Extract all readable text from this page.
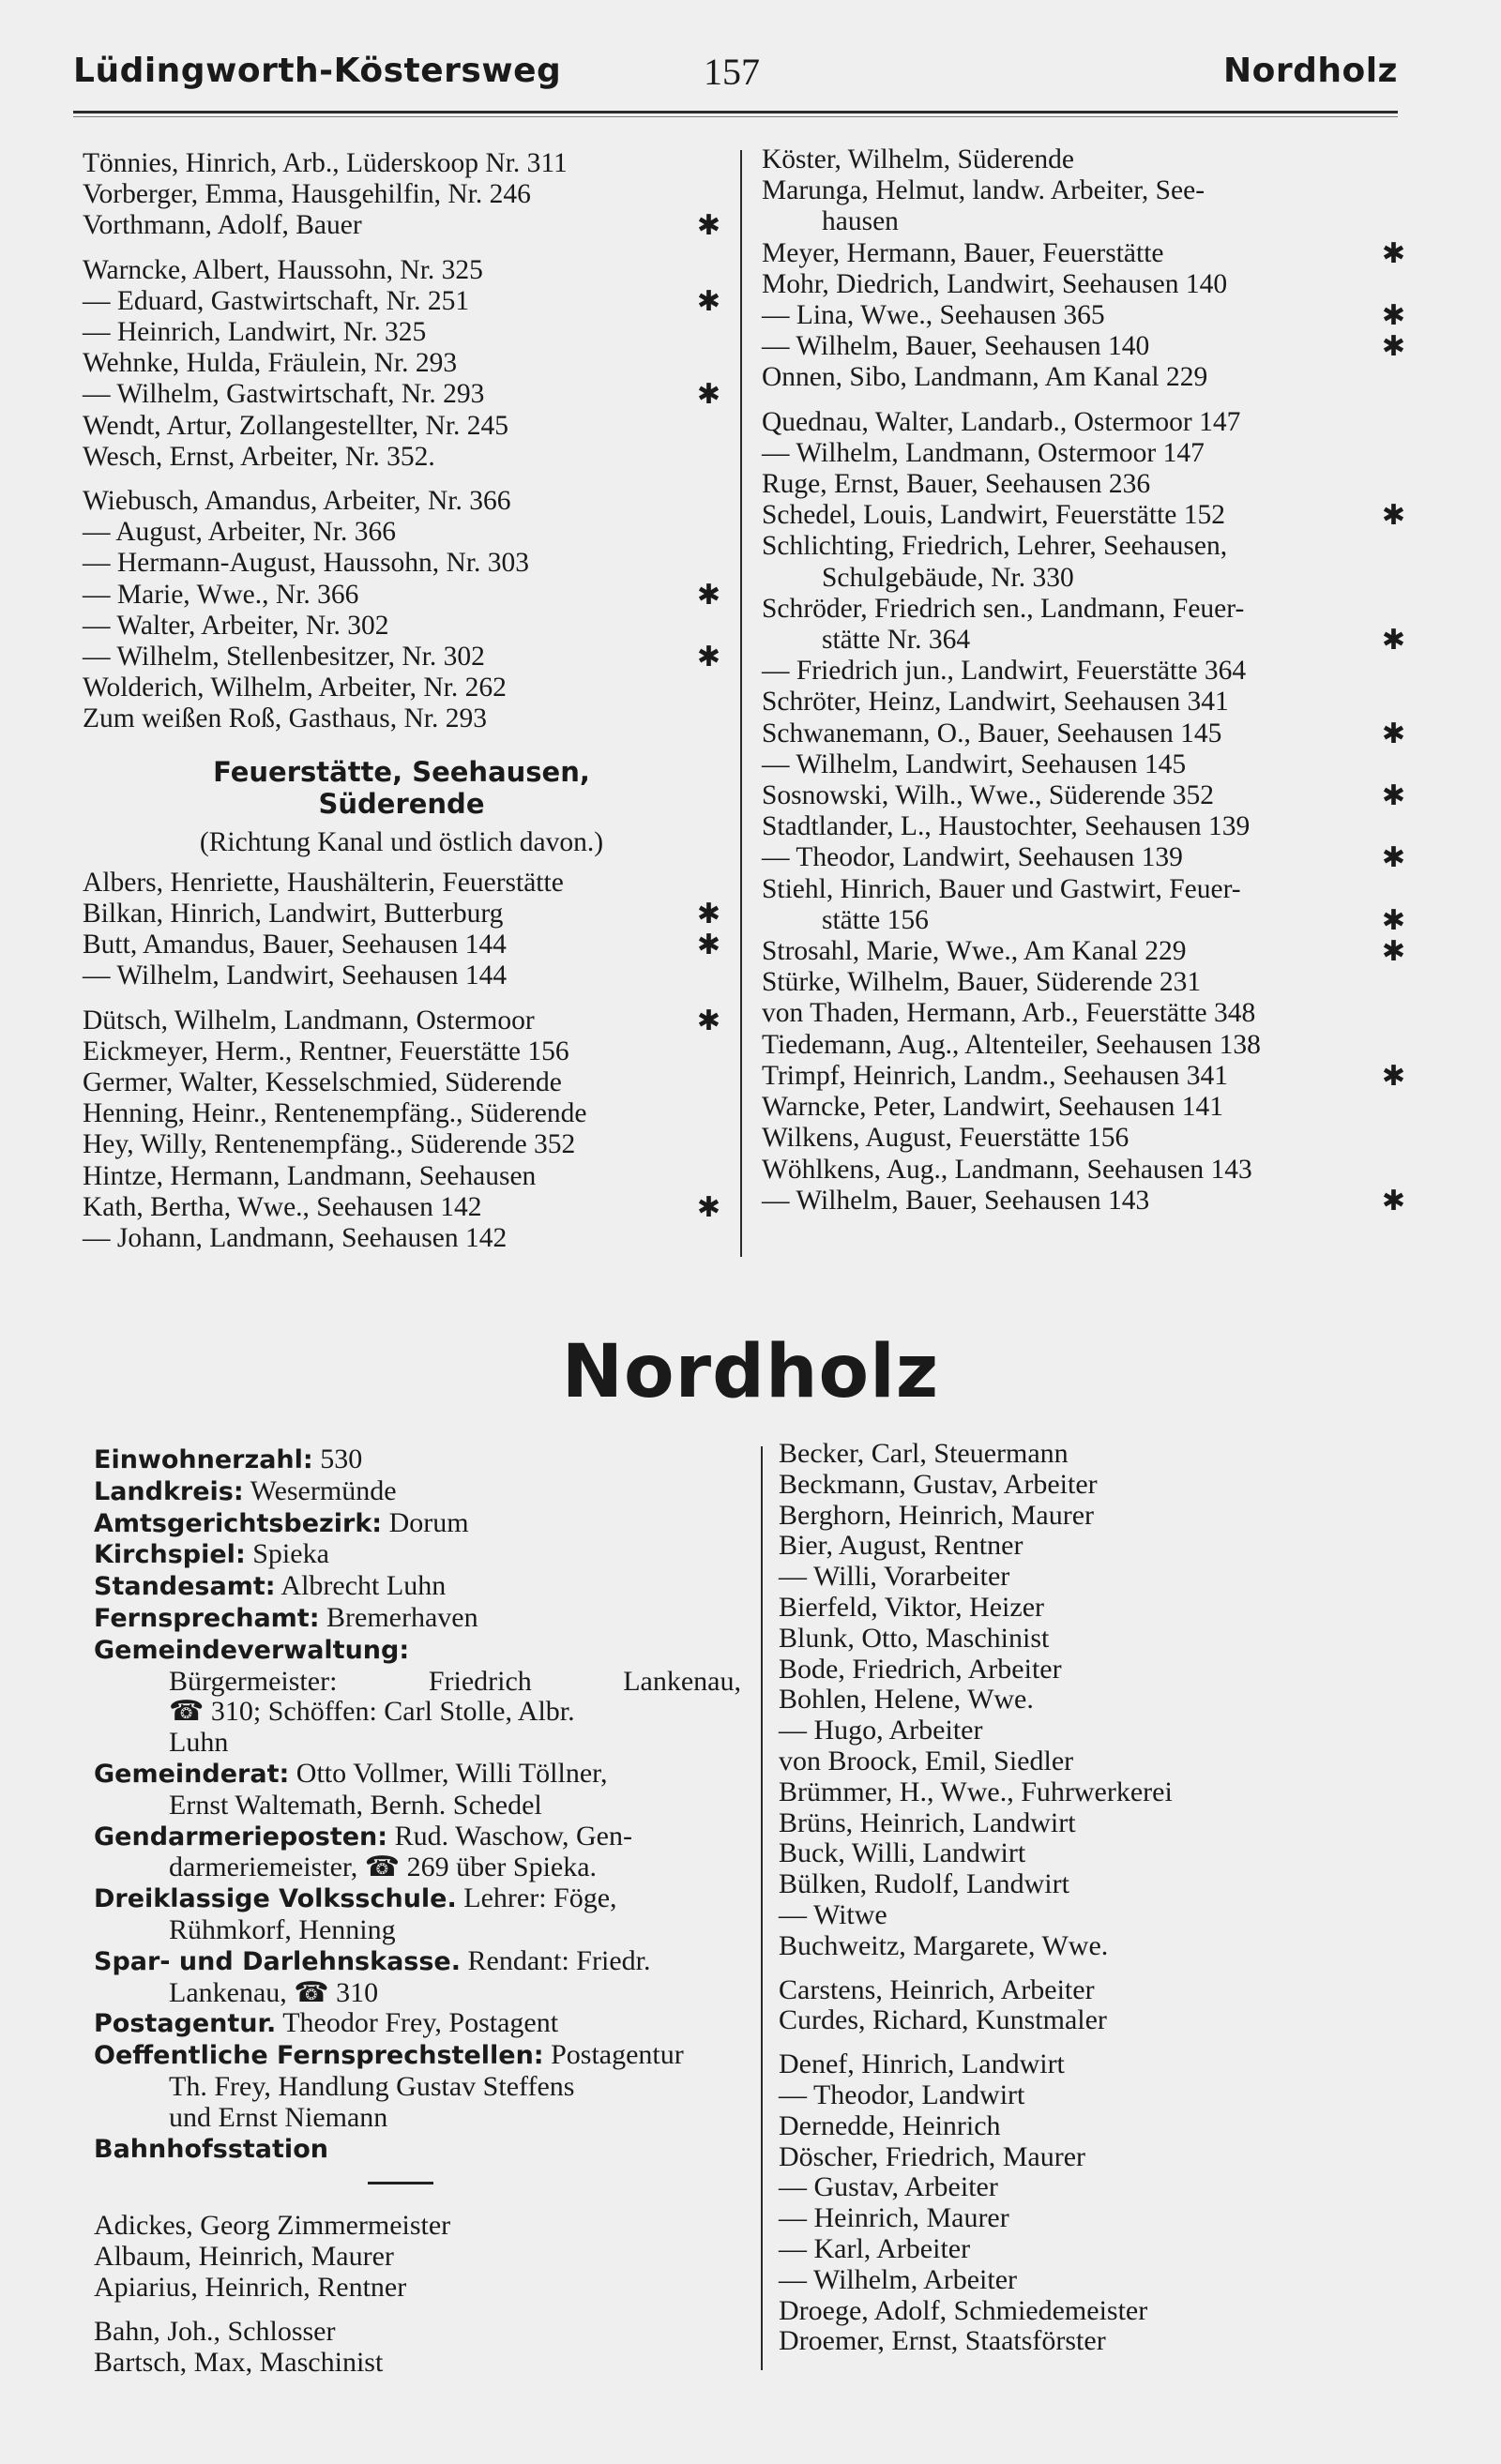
Lüdingworth-Köstersweg	157	Nordholz
Tönnies, Hinrich, Arb., Lüderskoop Nr. 311
Vorberger, Emma, Hausgehilfin, Nr. 246
Vorthmann, Adolf, Bauer	✱
Warncke, Albert, Haussohn, Nr. 325
— Eduard, Gastwirtschaft, Nr. 251	✱
— Heinrich, Landwirt, Nr. 325
Wehnke, Hulda, Fräulein, Nr. 293
— Wilhelm, Gastwirtschaft, Nr. 293	✱
Wendt, Artur, Zollangestellter, Nr. 245
Wesch, Ernst, Arbeiter, Nr. 352.
Wiebusch, Amandus, Arbeiter, Nr. 366
— August, Arbeiter, Nr. 366
— Hermann-August, Haussohn, Nr. 303
— Marie, Wwe., Nr. 366	✱
— Walter, Arbeiter, Nr. 302
— Wilhelm, Stellenbesitzer, Nr. 302	✱
Wolderich, Wilhelm, Arbeiter, Nr. 262
Zum weißen Roß, Gasthaus, Nr. 293
Feuerstätte, Seehausen,
Süderende
(Richtung Kanal und östlich davon.)
Albers, Henriette, Haushälterin, Feuerstätte
Bilkan, Hinrich, Landwirt, Butterburg	✱
Butt, Amandus, Bauer, Seehausen 144	✱
— Wilhelm, Landwirt, Seehausen 144
Dütsch, Wilhelm, Landmann, Ostermoor	✱
Eickmeyer, Herm., Rentner, Feuerstätte 156
Germer, Walter, Kesselschmied, Süderende
Henning, Heinr., Rentenempfäng., Süderende
Hey, Willy, Rentenempfäng., Süderende 352
Hintze, Hermann, Landmann, Seehausen
Kath, Bertha, Wwe., Seehausen 142	✱
— Johann, Landmann, Seehausen 142
Köster, Wilhelm, Süderende
Marunga, Helmut, landw. Arbeiter, See-
hausen
Meyer, Hermann, Bauer, Feuerstätte	✱
Mohr, Diedrich, Landwirt, Seehausen 140
— Lina, Wwe., Seehausen 365	✱
— Wilhelm, Bauer, Seehausen 140	✱
Onnen, Sibo, Landmann, Am Kanal 229
Quednau, Walter, Landarb., Ostermoor 147
— Wilhelm, Landmann, Ostermoor 147
Ruge, Ernst, Bauer, Seehausen 236
Schedel, Louis, Landwirt, Feuerstätte 152	✱
Schlichting, Friedrich, Lehrer, Seehausen,
Schulgebäude, Nr. 330
Schröder, Friedrich sen., Landmann, Feuer-
stätte Nr. 364	✱
— Friedrich jun., Landwirt, Feuerstätte 364
Schröter, Heinz, Landwirt, Seehausen 341
Schwanemann, O., Bauer, Seehausen 145	✱
— Wilhelm, Landwirt, Seehausen 145
Sosnowski, Wilh., Wwe., Süderende 352	✱
Stadtlander, L., Haustochter, Seehausen 139
— Theodor, Landwirt, Seehausen 139	✱
Stiehl, Hinrich, Bauer und Gastwirt, Feuer-
stätte 156	✱
Strosahl, Marie, Wwe., Am Kanal 229	✱
Stürke, Wilhelm, Bauer, Süderende 231
von Thaden, Hermann, Arb., Feuerstätte 348
Tiedemann, Aug., Altenteiler, Seehausen 138
Trimpf, Heinrich, Landm., Seehausen 341	✱
Warncke, Peter, Landwirt, Seehausen 141
Wilkens, August, Feuerstätte 156
Wöhlkens, Aug., Landmann, Seehausen 143
— Wilhelm, Bauer, Seehausen 143	✱
Nordholz
Einwohnerzahl: 530
Landkreis: Wesermünde
Amtsgerichtsbezirk: Dorum
Kirchspiel: Spieka
Standesamt: Albrecht Luhn
Fernsprechamt: Bremerhaven
Gemeindeverwaltung:
Bürgermeister:	Friedrich	Lankenau,
☎ 310; Schöffen: Carl Stolle, Albr.
Luhn
Gemeinderat: Otto Vollmer, Willi Töllner,
Ernst Waltemath, Bernh. Schedel
Gendarmerieposten: Rud. Waschow, Gen-
darmeriemeister, ☎ 269 über Spieka.
Dreiklassige Volksschule. Lehrer: Föge,
Rühmkorf, Henning
Spar- und Darlehnskasse. Rendant: Friedr.
Lankenau, ☎ 310
Postagentur. Theodor Frey, Postagent
Oeffentliche Fernsprechstellen: Postagentur
Th. Frey, Handlung Gustav Steffens
und Ernst Niemann
Bahnhofsstation
Adickes, Georg Zimmermeister
Albaum, Heinrich, Maurer
Apiarius, Heinrich, Rentner
Bahn, Joh., Schlosser
Bartsch, Max, Maschinist
Becker, Carl, Steuermann
Beckmann, Gustav, Arbeiter
Berghorn, Heinrich, Maurer
Bier, August, Rentner
— Willi, Vorarbeiter
Bierfeld, Viktor, Heizer
Blunk, Otto, Maschinist
Bode, Friedrich, Arbeiter
Bohlen, Helene, Wwe.
— Hugo, Arbeiter
von Broock, Emil, Siedler
Brümmer, H., Wwe., Fuhrwerkerei
Brüns, Heinrich, Landwirt
Buck, Willi, Landwirt
Bülken, Rudolf, Landwirt
— Witwe
Buchweitz, Margarete, Wwe.
Carstens, Heinrich, Arbeiter
Curdes, Richard, Kunstmaler
Denef, Hinrich, Landwirt
— Theodor, Landwirt
Dernedde, Heinrich
Döscher, Friedrich, Maurer
— Gustav, Arbeiter
— Heinrich, Maurer
— Karl, Arbeiter
— Wilhelm, Arbeiter
Droege, Adolf, Schmiedemeister
Droemer, Ernst, Staatsförster
